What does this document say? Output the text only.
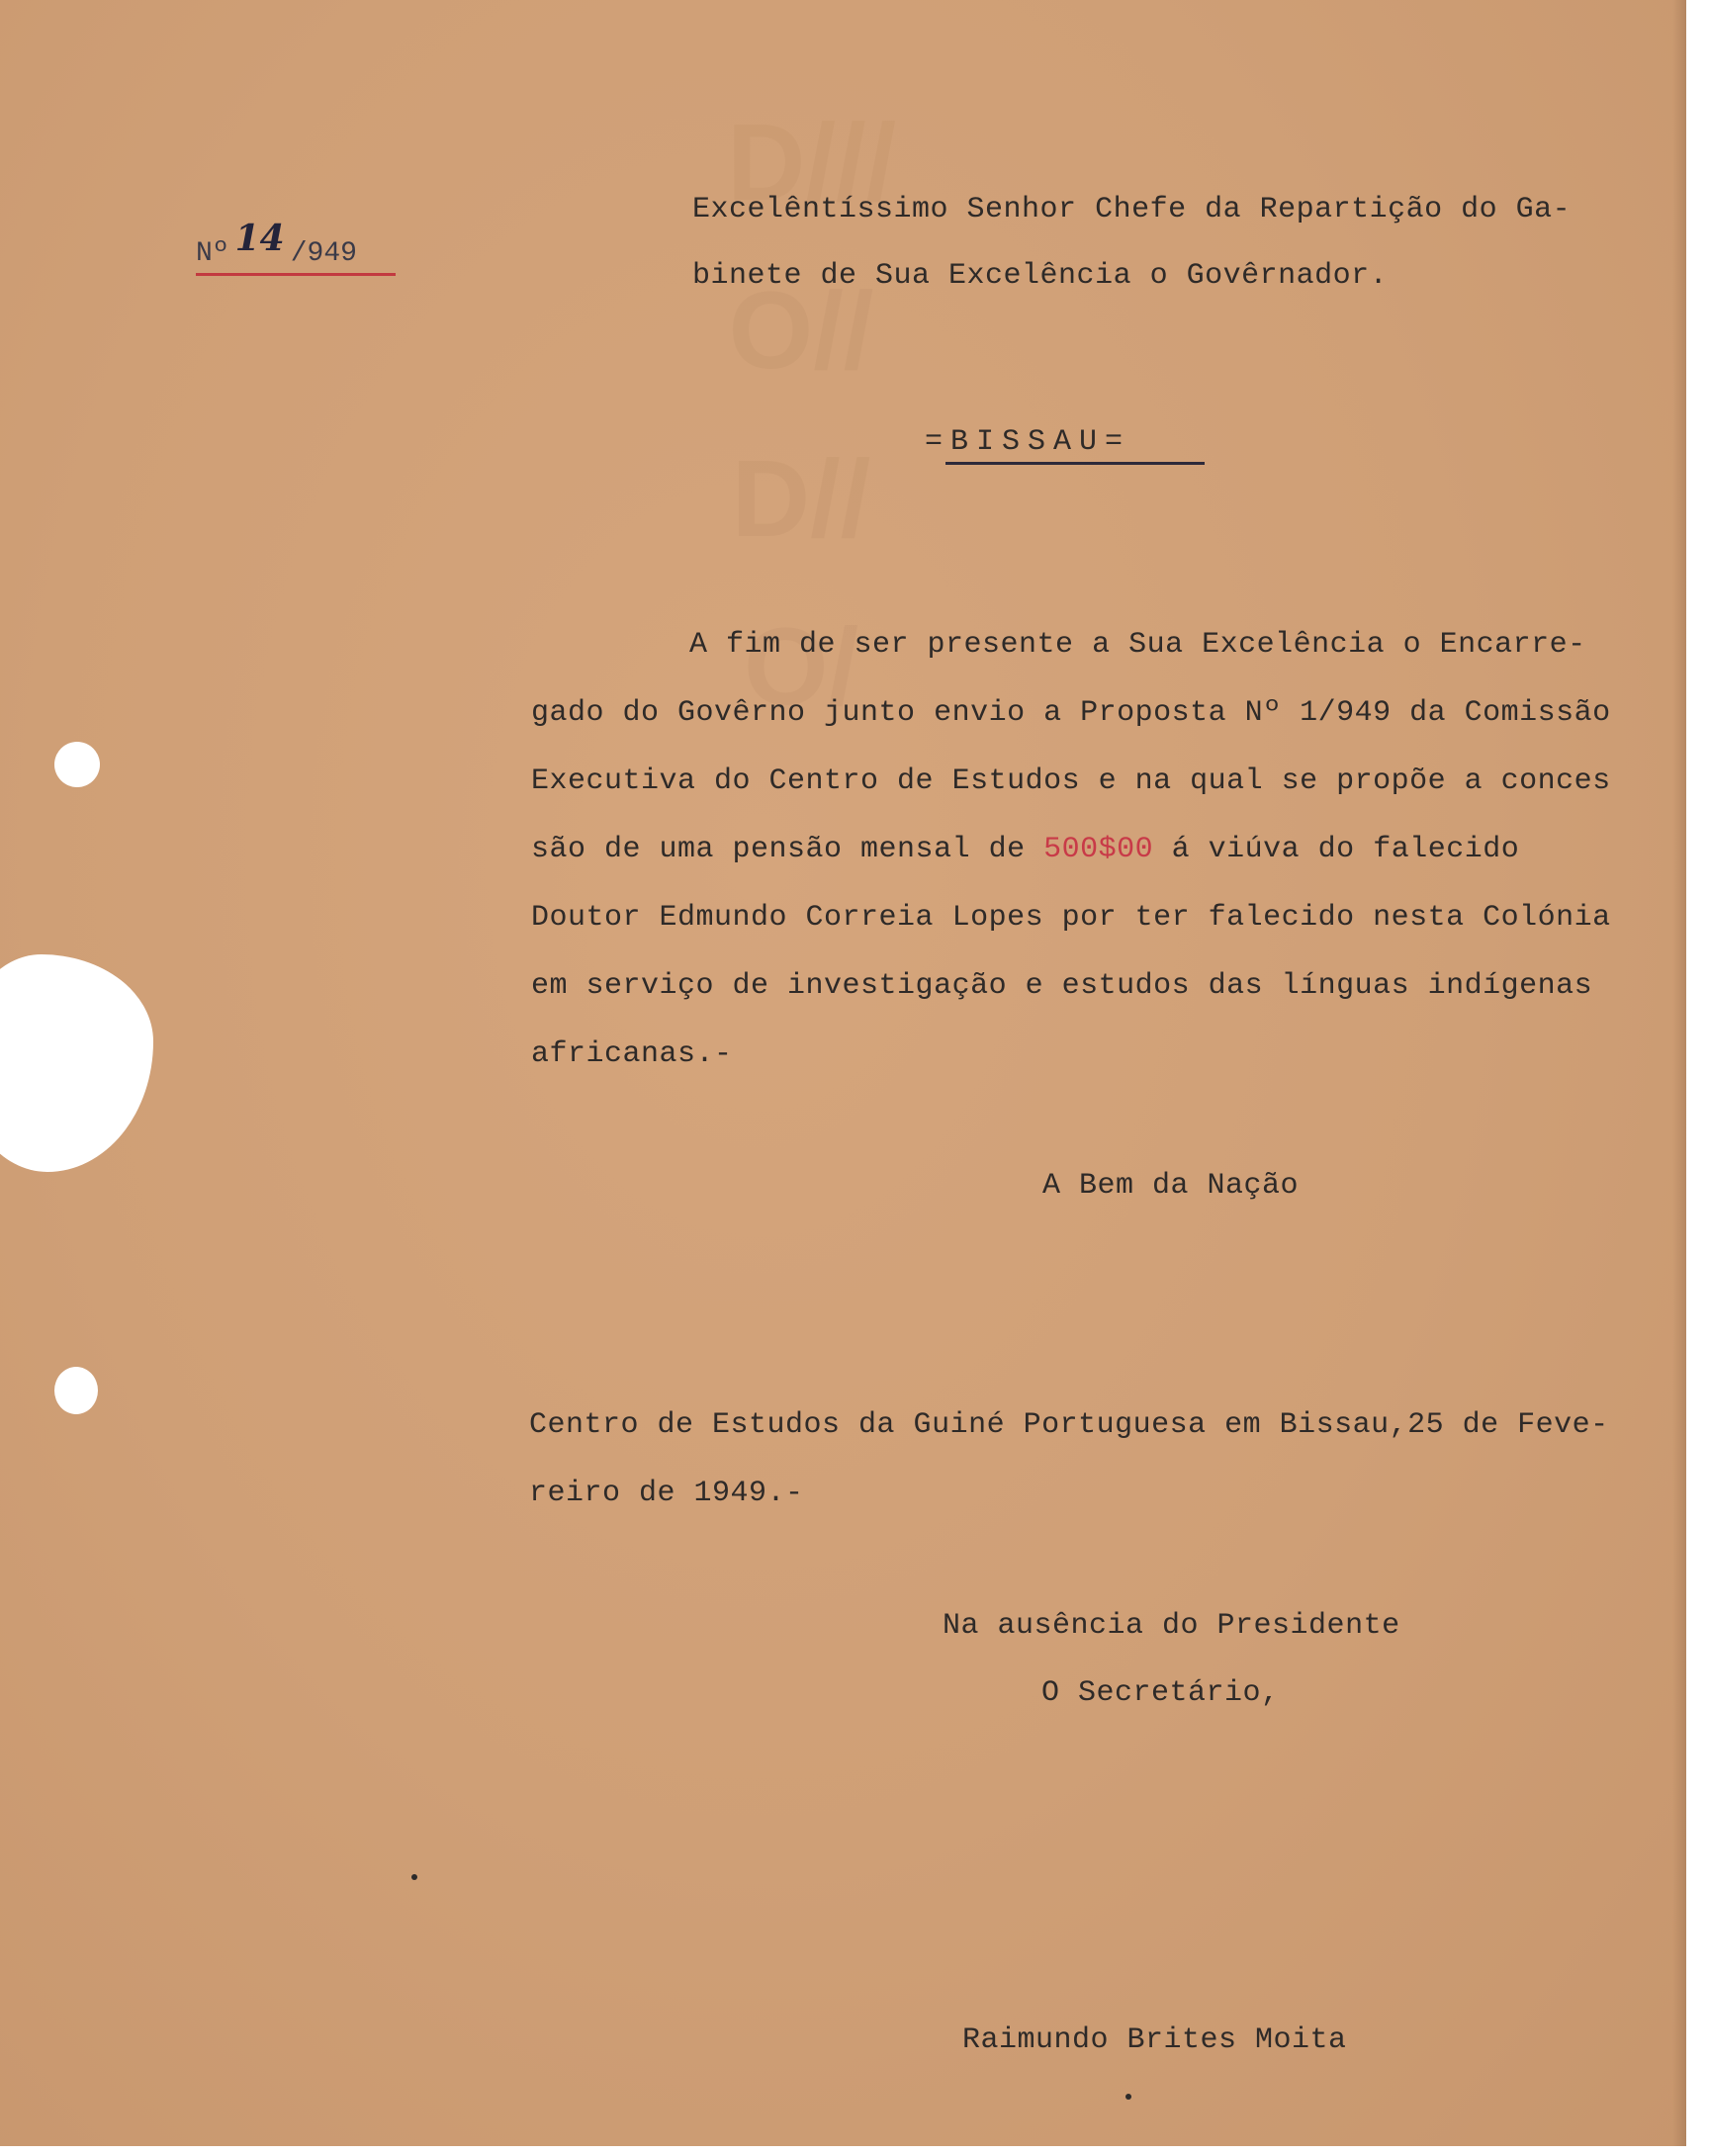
D///O//D//O/
Nº 14 /949
Excelêntíssimo Senhor Chefe da Repartição do Ga-
binete de Sua Excelência o Govêrnador.
=BISSAU=
A fim de ser presente a Sua Excelência o Encarre-
gado do Govêrno junto envio a Proposta Nº 1/949 da Comissão
Executiva do Centro de Estudos e na qual se propõe a conces
são de uma pensão mensal de 500$00 á viúva do falecido
Doutor Edmundo Correia Lopes por ter falecido nesta Colónia
em serviço de investigação e estudos das línguas indígenas
africanas.-
A Bem da Nação
Centro de Estudos da Guiné Portuguesa em Bissau,25 de Feve-
reiro de 1949.-
Na ausência do Presidente
O Secretário,
Raimundo Brites Moita
